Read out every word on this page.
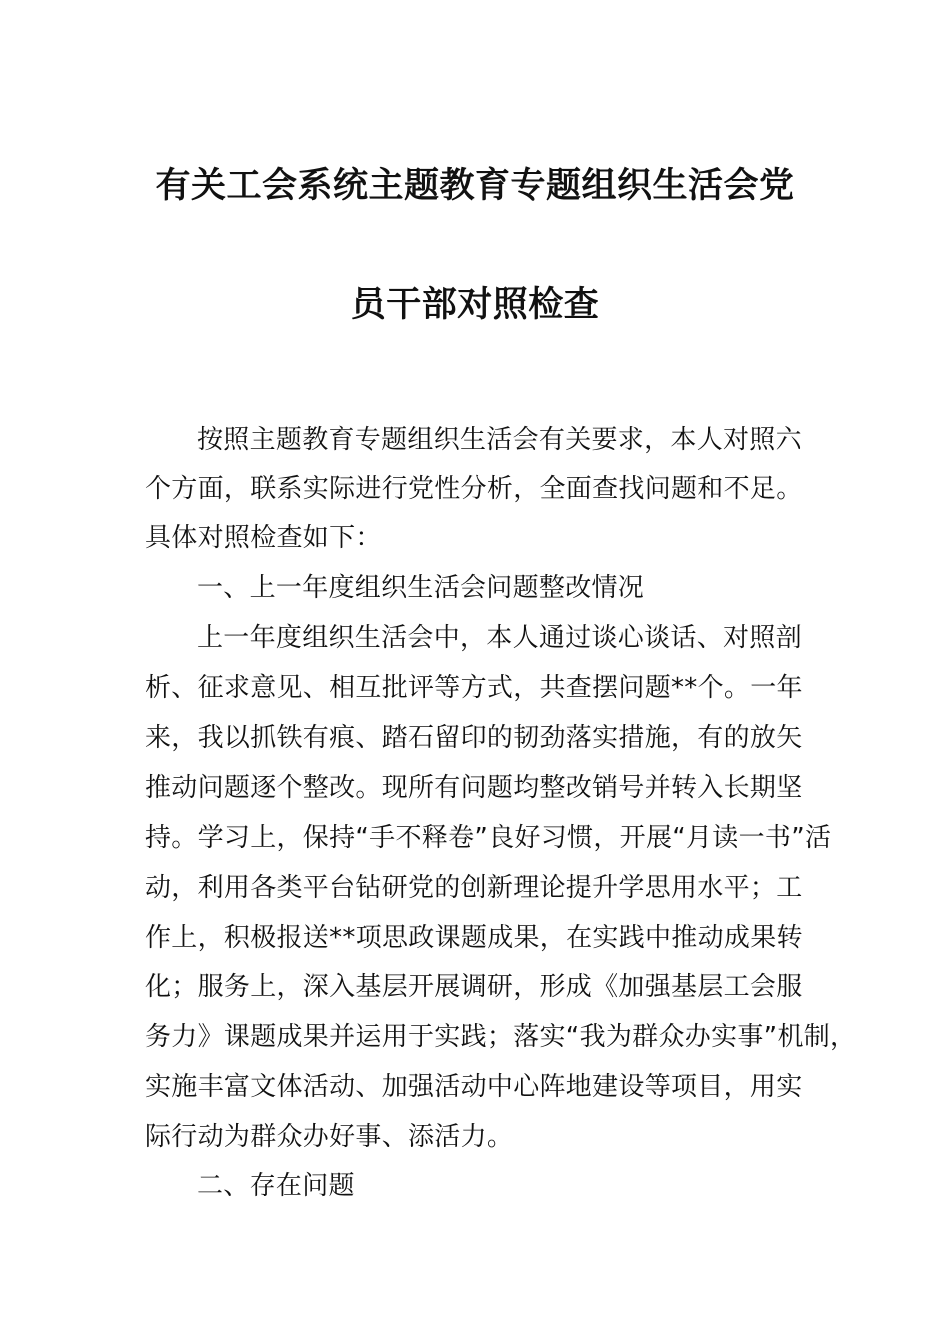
有关工会系统主题教育专题组织生活会党
员干部对照检查
按照主题教育专题组织生活会有关要求，本人对照六
个方面，联系实际进行党性分析，全面查找问题和不足。
具体对照检查如下：
一、上一年度组织生活会问题整改情况
上一年度组织生活会中，本人通过谈心谈话、对照剖
析、征求意见、相互批评等方式，共查摆问题**个。一年
来，我以抓铁有痕、踏石留印的韧劲落实措施，有的放矢
推动问题逐个整改。现所有问题均整改销号并转入长期坚
持。学习上，保持“手不释卷”良好习惯，开展“月读一书”活
动，利用各类平台钻研党的创新理论提升学思用水平；工
作上，积极报送**项思政课题成果，在实践中推动成果转
化；服务上，深入基层开展调研，形成《加强基层工会服
务力》课题成果并运用于实践；落实“我为群众办实事”机制，
实施丰富文体活动、加强活动中心阵地建设等项目，用实
际行动为群众办好事、添活力。
二、存在问题
